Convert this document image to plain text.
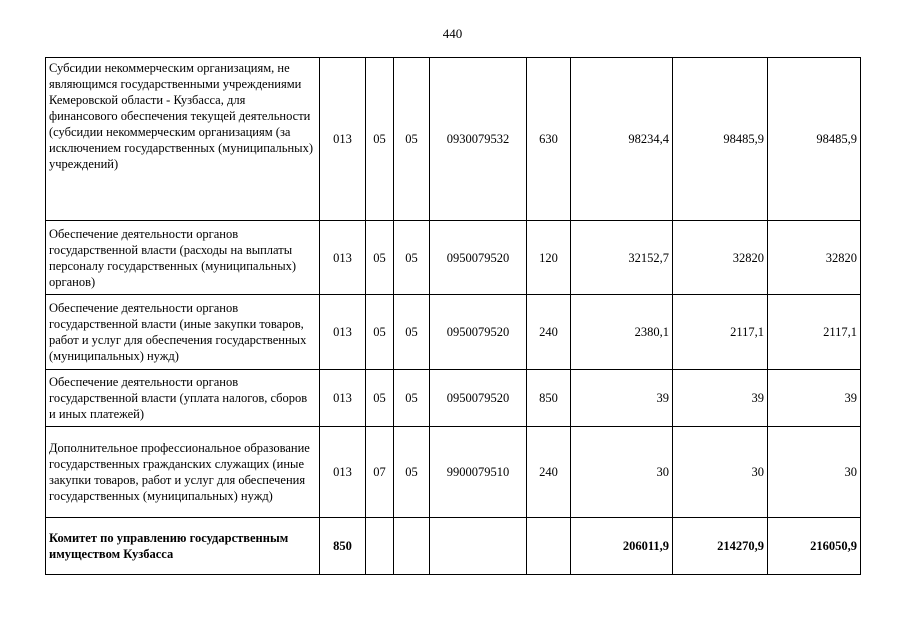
440
Субсидии некоммерческим организациям, не являющимся государственными учреждениями Кемеровской области - Кузбасса, для финансового обеспечения текущей деятельности (субсидии некоммерческим организациям (за исключением государственных (муниципальных) учреждений)	013	05	05	0930079532	630	98234,4	98485,9	98485,9
Обеспечение деятельности органов государственной власти (расходы на выплаты персоналу государственных (муниципальных) органов)	013	05	05	0950079520	120	32152,7	32820	32820
Обеспечение деятельности органов государственной власти (иные закупки товаров, работ и услуг для обеспечения государственных (муниципальных) нужд)	013	05	05	0950079520	240	2380,1	2117,1	2117,1
Обеспечение деятельности органов государственной власти (уплата налогов, сборов и иных платежей)	013	05	05	0950079520	850	39	39	39
Дополнительное профессиональное образование государственных гражданских служащих (иные закупки товаров, работ и услуг для обеспечения государственных (муниципальных) нужд)	013	07	05	9900079510	240	30	30	30
Комитет по управлению государственным имуществом Кузбасса	850					206011,9	214270,9	216050,9
